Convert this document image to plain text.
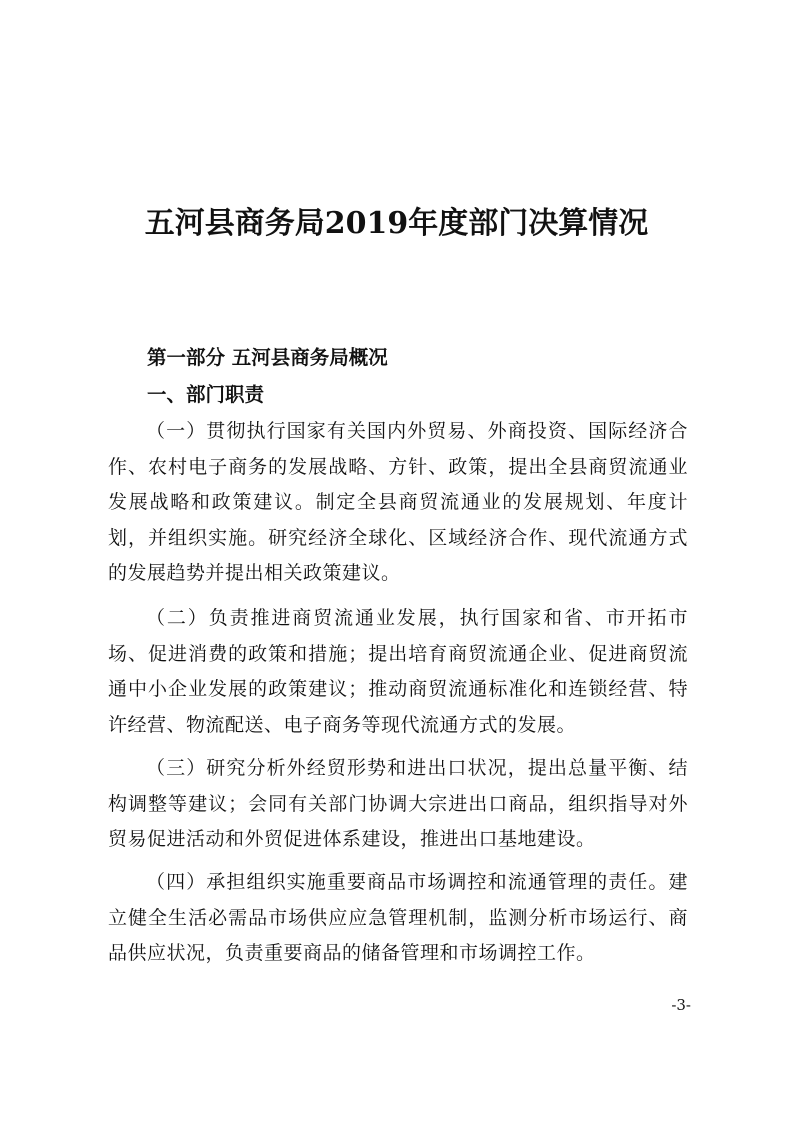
五河县商务局2019年度部门决算情况
第一部分 五河县商务局概况
一、部门职责

（一）贯彻执行国家有关国内外贸易、外商投资、国际经济合作、农村电子商务的发展战略、方针、政策，提出全县商贸流通业发展战略和政策建议。制定全县商贸流通业的发展规划、年度计划，并组织实施。研究经济全球化、区域经济合作、现代流通方式的发展趋势并提出相关政策建议。

（二）负责推进商贸流通业发展，执行国家和省、市开拓市场、促进消费的政策和措施；提出培育商贸流通企业、促进商贸流通中小企业发展的政策建议；推动商贸流通标准化和连锁经营、特许经营、物流配送、电子商务等现代流通方式的发展。

（三）研究分析外经贸形势和进出口状况，提出总量平衡、结构调整等建议；会同有关部门协调大宗进出口商品，组织指导对外贸易促进活动和外贸促进体系建设，推进出口基地建设。

（四）承担组织实施重要商品市场调控和流通管理的责任。建立健全生活必需品市场供应应急管理机制，监测分析市场运行、商品供应状况，负责重要商品的储备管理和市场调控工作。

-3-
